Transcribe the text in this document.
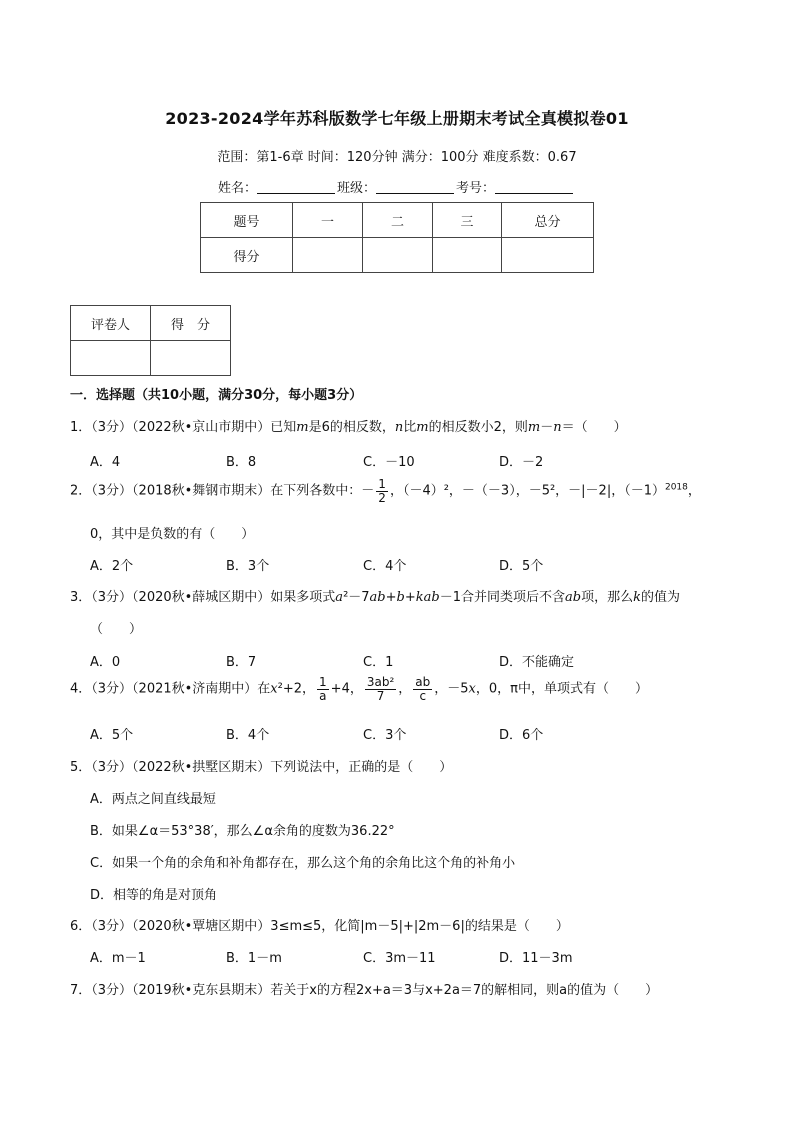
2023-2024学年苏科版数学七年级上册期末考试全真模拟卷01
范围：第1-6章 时间：120分钟 满分：100分 难度系数：0.67
姓名：	班级：	考号：
题号	一	二	三	总分
得分				
评卷人	得　分

一．选择题（共10小题，满分30分，每小题3分）
1．（3分）（2022秋•京山市期中）已知m是6的相反数，n比m的相反数小2，则m－n＝（　　）
A．4	B．8	C．－10	D．－2
2．（3分）（2018秋•舞钢市期末）在下列各数中：－ $\frac{1}{2}$ ，（－4）²，－（－3），－5²，－|－2|，$(-1)^{2018}$，
0，其中是负数的有（　　）
A．2个	B．3个	C．4个	D．5个
3．（3分）（2020秋•薛城区期中）如果多项式a²－7ab+b+kab－1合并同类项后不含ab项，那么k的值为
（　　）
A．0	B．7	C．1	D．不能确定
4．（3分）（2021秋•济南期中）在x²+2， $\frac{1}{a} +4$， $\frac{\text{3ab²}}{7}$ ， $\frac{ab}{c}$ ，－5x，0，π中，单项式有（　　）
A．5个	B．4个	C．3个	D．6个
5．（3分）（2022秋•拱墅区期末）下列说法中，正确的是（　　）
A．两点之间直线最短
B．如果∠α＝53°38′，那么∠α余角的度数为36.22°
C．如果一个角的余角和补角都存在，那么这个角的余角比这个角的补角小
D．相等的角是对顶角
6．（3分）（2020秋•覃塘区期中）3≤m≤5，化简|m－5|+|2m－6|的结果是（　　）
A．m－1	B．1－m	C．3m－11	D．11－3m
7．（3分）（2019秋•克东县期末）若关于x的方程2x+a＝3与x+2a＝7的解相同，则a的值为（　　）
